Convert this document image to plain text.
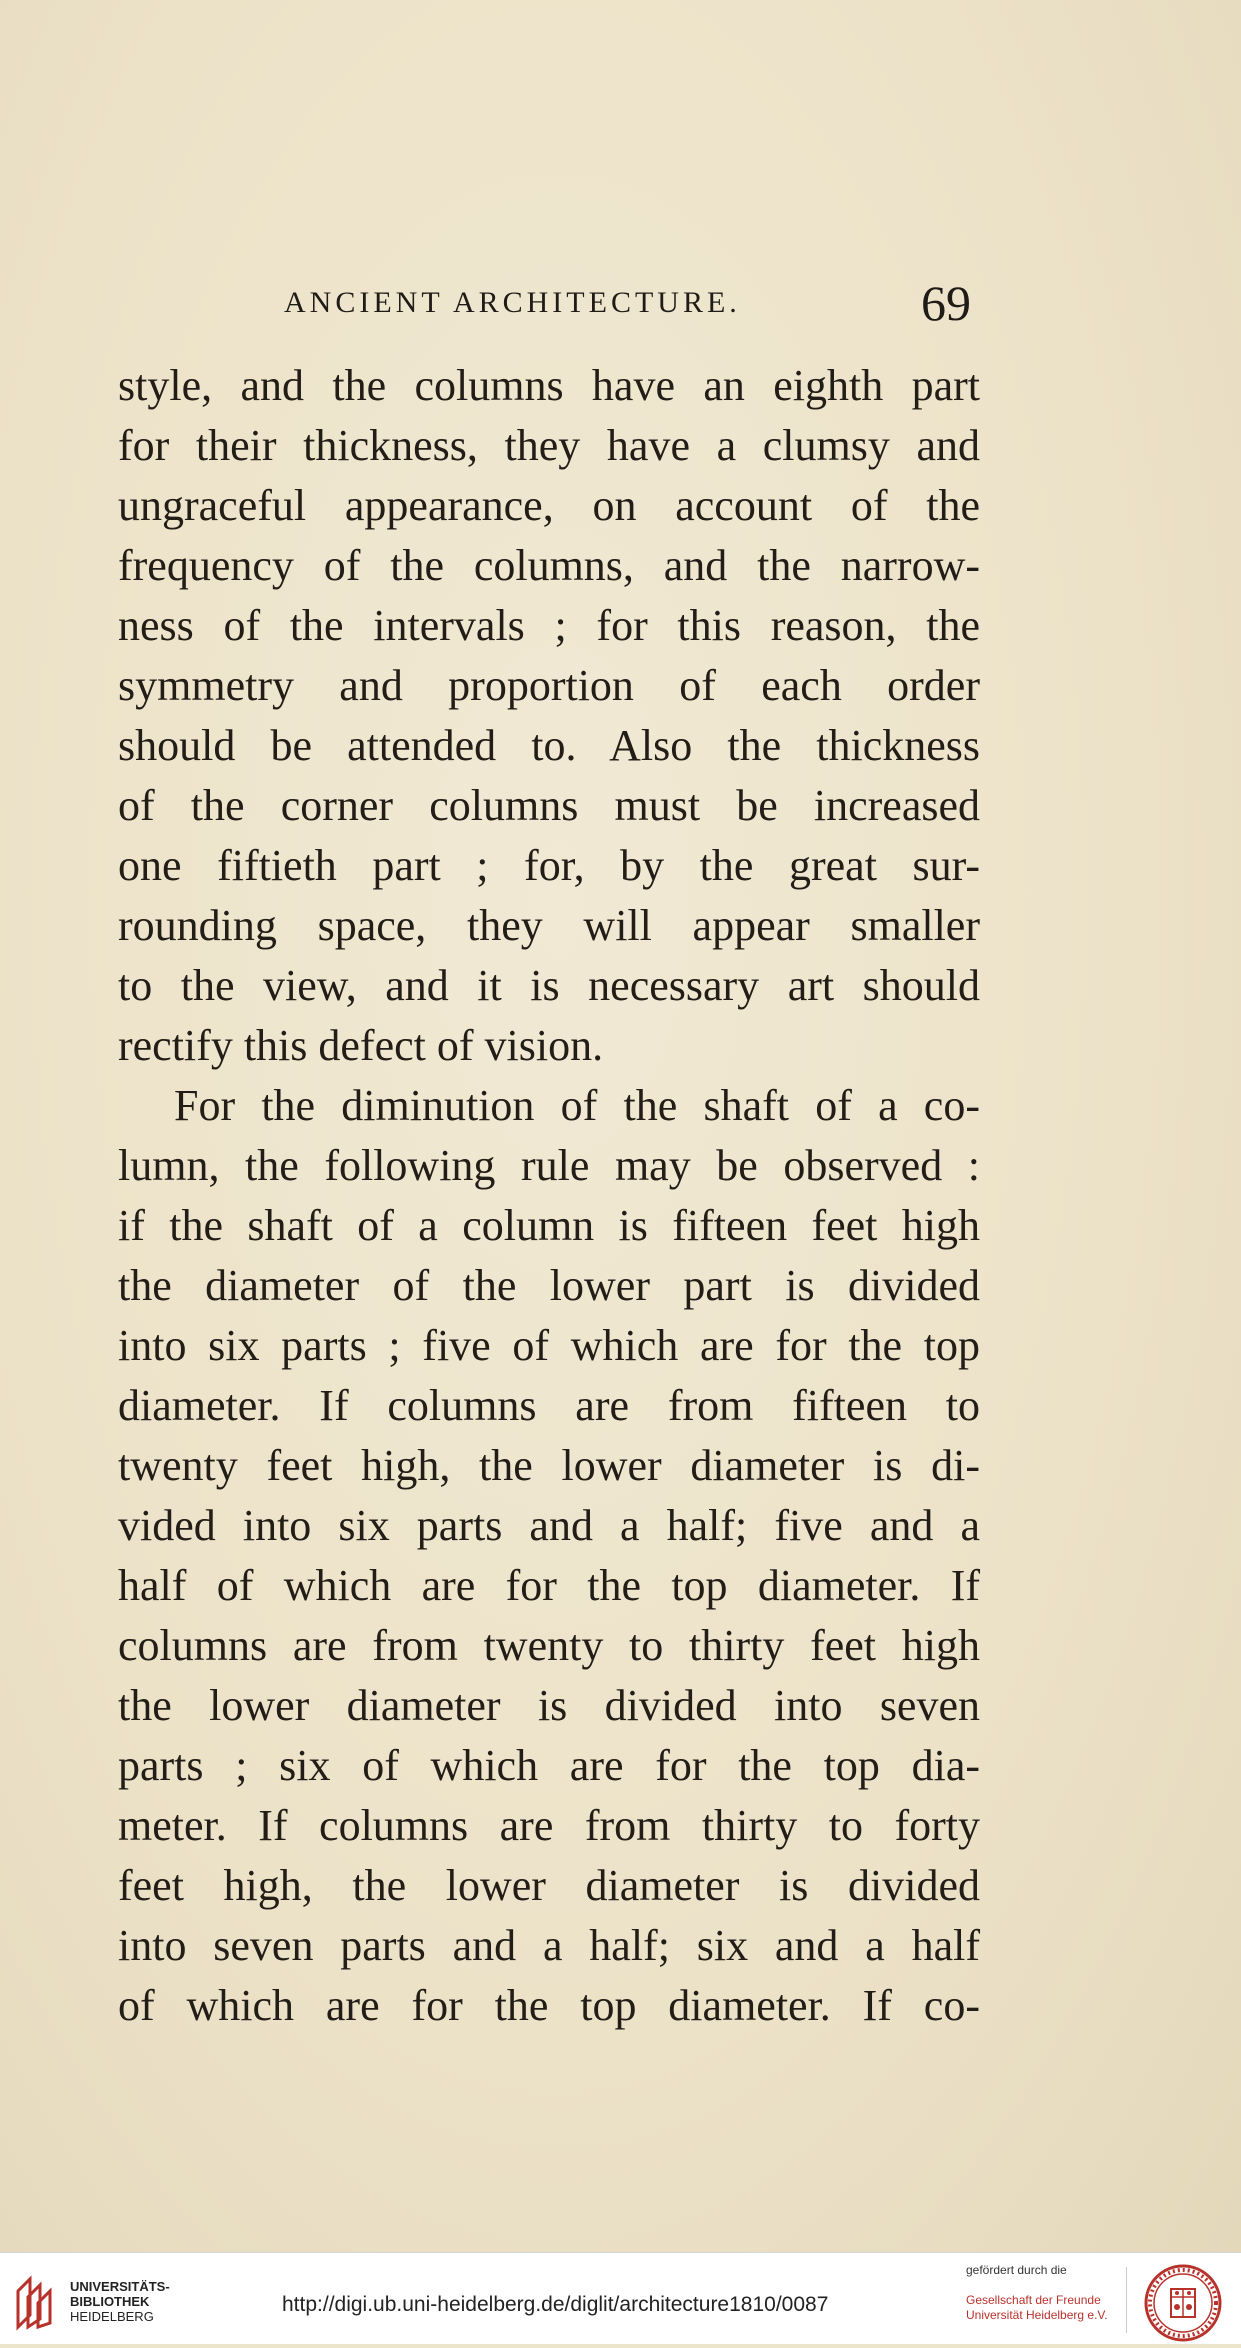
ANCIENT ARCHITECTURE.	69
style, and the columns have an eighth part
for their thickness, they have a clumsy and
ungraceful appearance, on account of the
frequency of the columns, and the narrow-
ness of the intervals ; for this reason, the
symmetry and proportion of each order
should be attended to. Also the thickness
of the corner columns must be increased
one fiftieth part ; for, by the great sur-
rounding space, they will appear smaller
to the view, and it is necessary art should
rectify this defect of vision.
For the diminution of the shaft of a co-
lumn, the following rule may be observed :
if the shaft of a column is fifteen feet high
the diameter of the lower part is divided
into six parts ; five of which are for the top
diameter. If columns are from fifteen to
twenty feet high, the lower diameter is di-
vided into six parts and a half; five and a
half of which are for the top diameter. If
columns are from twenty to thirty feet high
the lower diameter is divided into seven
parts ; six of which are for the top dia-
meter. If columns are from thirty to forty
feet high, the lower diameter is divided
into seven parts and a half; six and a half
of which are for the top diameter. If co-
UNIVERSITÄTS-
BIBLIOTHEK
HEIDELBERG
http://digi.ub.uni-heidelberg.de/diglit/architecture1810/0087
gefördert durch die
Gesellschaft der Freunde
Universität Heidelberg e.V.
